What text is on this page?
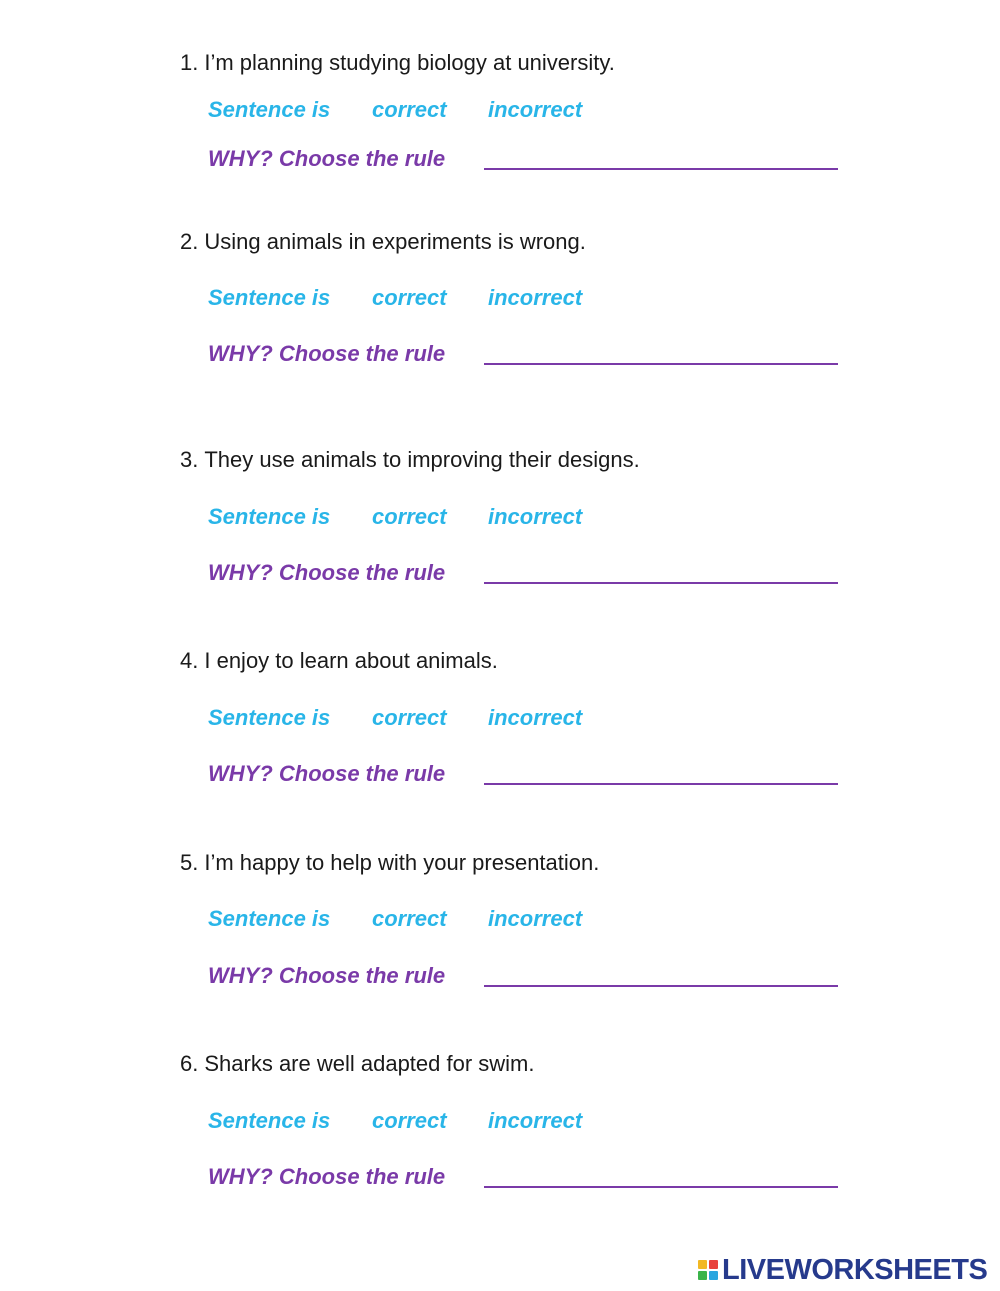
1. I’m planning studying biology at university.
Sentence is correct incorrect
WHY? Choose the rule
2. Using animals in experiments is wrong.
Sentence is correct incorrect
WHY? Choose the rule
3. They use animals to improving their designs.
Sentence is correct incorrect
WHY? Choose the rule
4. I enjoy to learn about animals.
Sentence is correct incorrect
WHY? Choose the rule
5. I’m happy to help with your presentation.
Sentence is correct incorrect
WHY? Choose the rule
6. Sharks are well adapted for swim.
Sentence is correct incorrect
WHY? Choose the rule
LIVEWORKSHEETS
